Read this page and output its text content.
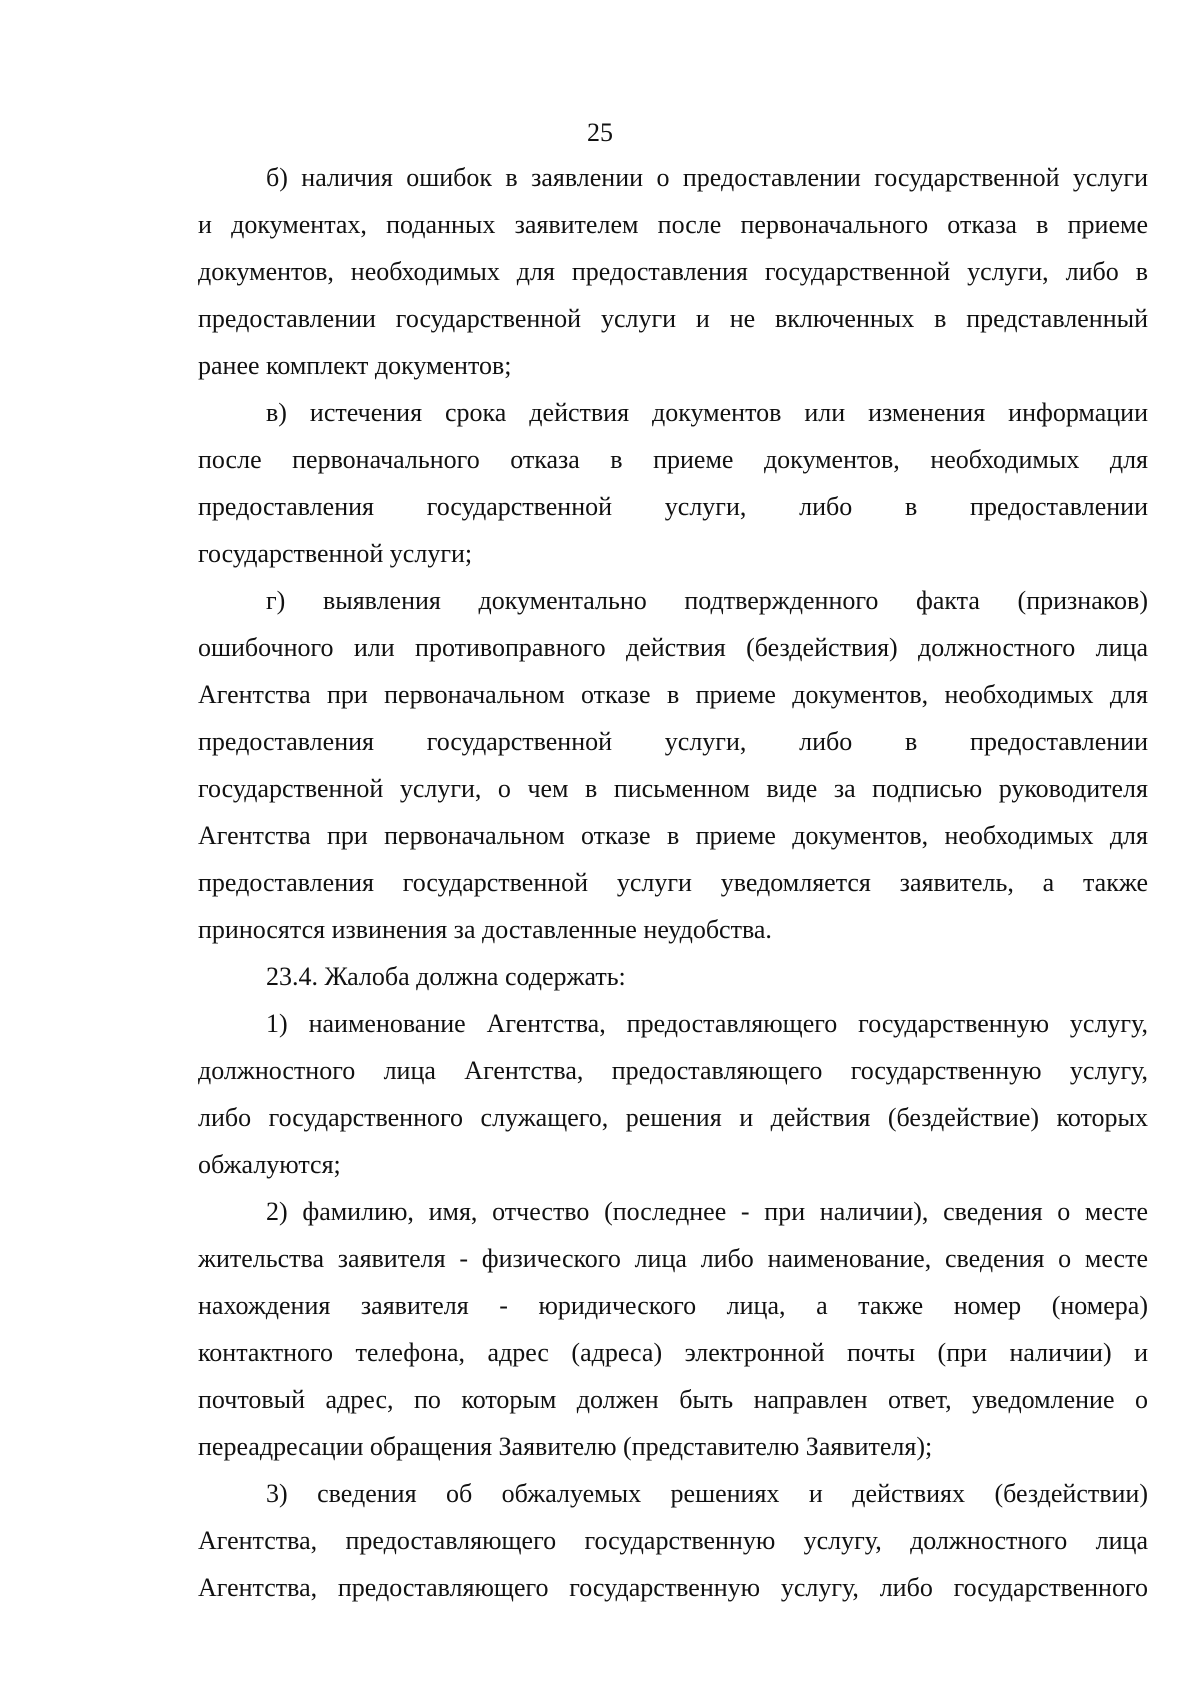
25
б) наличия ошибок в заявлении о предоставлении государственной услуги
и документах, поданных заявителем после первоначального отказа в приеме
документов, необходимых для предоставления государственной услуги, либо в
предоставлении государственной услуги и не включенных в представленный
ранее комплект документов;
в) истечения срока действия документов или изменения информации
после первоначального отказа в приеме документов, необходимых для
предоставления государственной услуги, либо в предоставлении
государственной услуги;
г) выявления документально подтвержденного факта (признаков)
ошибочного или противоправного действия (бездействия) должностного лица
Агентства при первоначальном отказе в приеме документов, необходимых для
предоставления государственной услуги, либо в предоставлении
государственной услуги, о чем в письменном виде за подписью руководителя
Агентства при первоначальном отказе в приеме документов, необходимых для
предоставления государственной услуги уведомляется заявитель, а также
приносятся извинения за доставленные неудобства.
23.4. Жалоба должна содержать:
1) наименование Агентства, предоставляющего государственную услугу,
должностного лица Агентства, предоставляющего государственную услугу,
либо государственного служащего, решения и действия (бездействие) которых
обжалуются;
2) фамилию, имя, отчество (последнее - при наличии), сведения о месте
жительства заявителя - физического лица либо наименование, сведения о месте
нахождения заявителя - юридического лица, а также номер (номера)
контактного телефона, адрес (адреса) электронной почты (при наличии) и
почтовый адрес, по которым должен быть направлен ответ, уведомление о
переадресации обращения Заявителю (представителю Заявителя);
3) сведения об обжалуемых решениях и действиях (бездействии)
Агентства, предоставляющего государственную услугу, должностного лица
Агентства, предоставляющего государственную услугу, либо государственного
